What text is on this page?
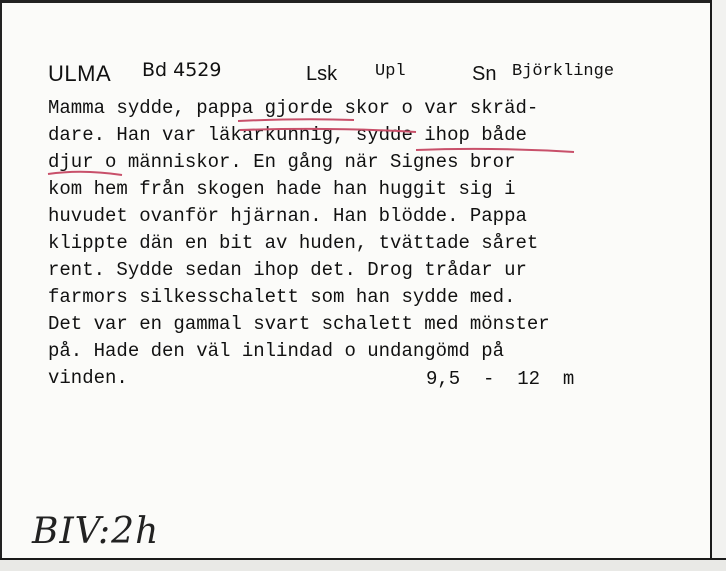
ULMA Bd 4529	Lsk Upl	Sn Björklinge
Mamma sydde, pappa gjorde skor o var skräd-
dare. Han var läkarkunnig, sydde ihop både
djur o människor. En gång när Signes bror
kom hem från skogen hade han huggit sig i
huvudet ovanför hjärnan. Han blödde. Pappa
klippte dän en bit av huden, tvättade såret
rent. Sydde sedan ihop det. Drog trådar ur
farmors silkesschalett som han sydde med.
Det var en gammal svart schalett med mönster
på. Hade den väl inlindad o undangömd på
vinden.	9,5  -  12  m
BIV:2h
